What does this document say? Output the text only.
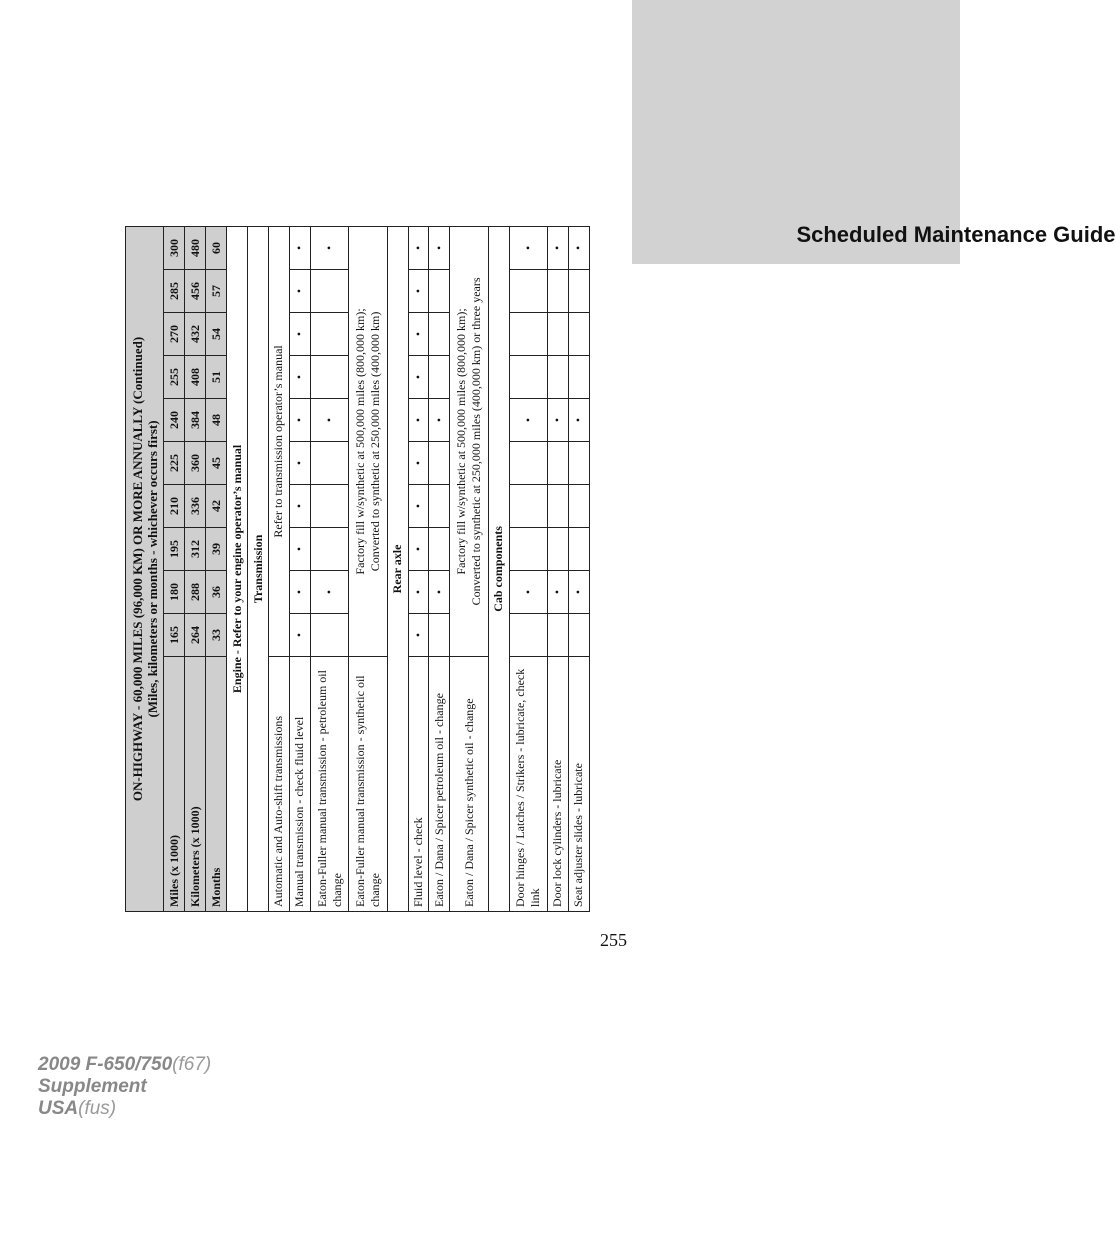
Scheduled Maintenance Guide
ON-HIGHWAY - 60,000 MILES (96,000 KM) OR MORE ANNUALLY (Continued) (Miles, kilometers or months - whichever occurs first)										

Miles (x 1000)	165	180	195	210	225	240	255	270	285	300
Kilometers (x 1000)	264	288	312	336	360	384	408	432	456	480
Months	33	36	39	42	45	48	51	54	57	60
Engine - Refer to your engine operator’s manual										
Transmission										
Automatic and Auto-shift transmissions	Refer to transmission operator’s manual									
Manual transmission - check fluid level	•	•	•	•	•	•	•	•	•	•
Eaton-Fuller manual transmission - petroleum oil change		•				•				•
Eaton-Fuller manual transmission - synthetic oil change	Factory fill w/synthetic at 500,000 miles (800,000 km); Converted to synthetic at 250,000 miles (400,000 km)									

Rear axle										
Fluid level - check	•	•	•	•	•	•	•	•	•	•
Eaton / Dana / Spicer petroleum oil - change		•				•				•
Eaton / Dana / Spicer synthetic oil - change	Factory fill w/synthetic at 500,000 miles (800,000 km); Converted to synthetic at 250,000 miles (400,000 km) or three years									

Cab components										
Door hinges / Latches / Strikers - lubricate, check link		•				•				•
Door lock cylinders - lubricate		•				•				•
Seat adjuster slides - lubricate		•				•				•
255
2009 F-650/750(f67)
Supplement
USA(fus)
